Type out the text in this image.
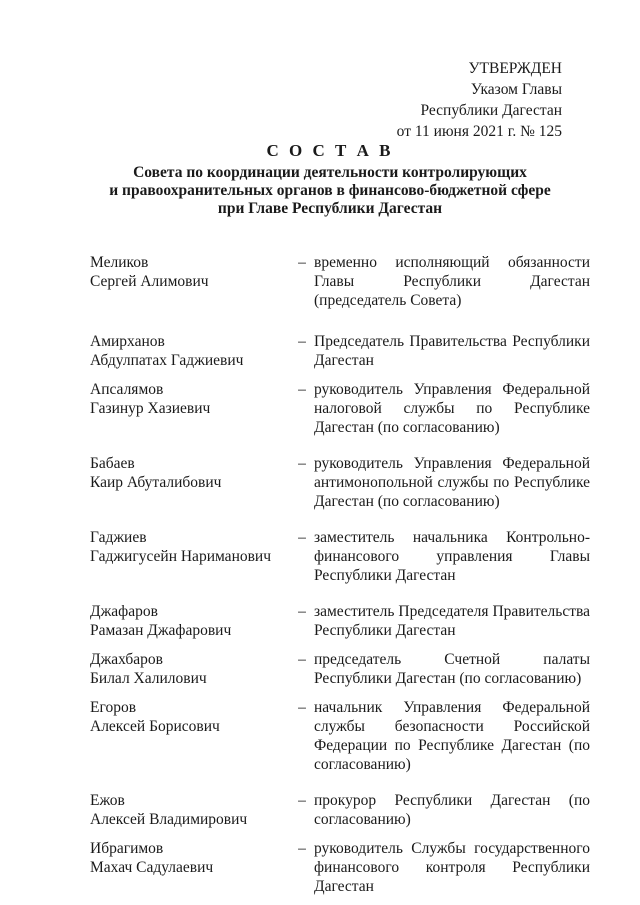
УТВЕРЖДЕН
Указом Главы
Республики Дагестан
от 11 июня 2021 г. № 125
С О С Т А В
Совета по координации деятельности контролирующих
и правоохранительных органов в финансово-бюджетной сфере
при Главе Республики Дагестан
Меликов
Сергей Алимович
– временно исполняющий обязанности Главы Республики Дагестан (председатель Совета)
Амирханов
Абдулпатах Гаджиевич
– Председатель Правительства Республики Дагестан
Апсалямов
Газинур Хазиевич
– руководитель Управления Федеральной налоговой службы по Республике Дагестан (по согласованию)
Бабаев
Каир Абуталибович
– руководитель Управления Федеральной антимонопольной службы по Республике Дагестан (по согласованию)
Гаджиев
Гаджигусейн Нариманович
– заместитель начальника Контрольно-финансового управления Главы Республики Дагестан
Джафаров
Рамазан Джафарович
– заместитель Председателя Правительства Республики Дагестан
Джахбаров
Билал Халилович
– председатель Счетной палаты Республики Дагестан (по согласованию)
Егоров
Алексей Борисович
– начальник Управления Федеральной службы безопасности Российской Федерации по Республике Дагестан (по согласованию)
Ежов
Алексей Владимирович
– прокурор Республики Дагестан (по согласованию)
Ибрагимов
Махач Садулаевич
– руководитель Службы государственного финансового контроля Республики Дагестан
